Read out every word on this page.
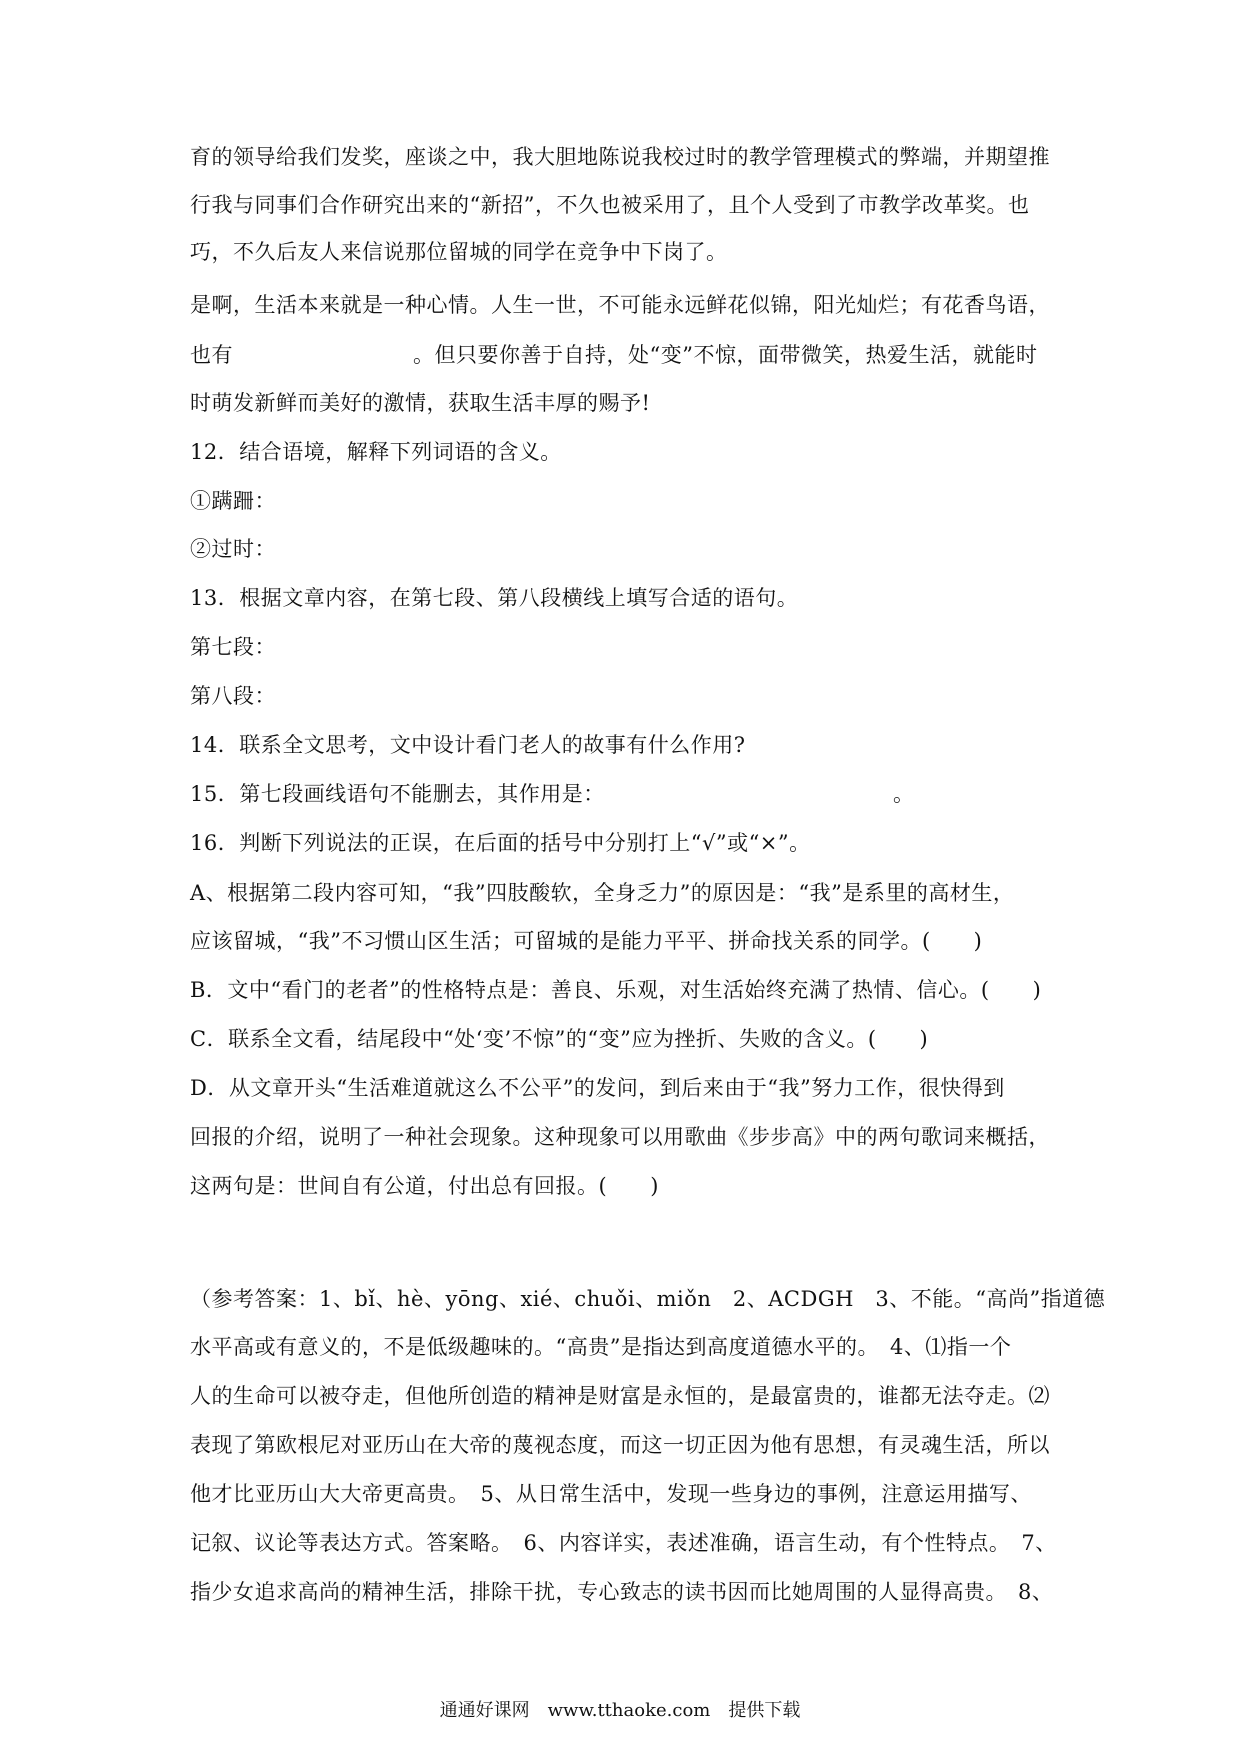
育的领导给我们发奖，座谈之中，我大胆地陈说我校过时的教学管理模式的弊端，并期望推
行我与同事们合作研究出来的“新招”，不久也被采用了，且个人受到了市教学改革奖。也
巧，不久后友人来信说那位留城的同学在竞争中下岗了。
是啊，生活本来就是一种心情。人生一世，不可能永远鲜花似锦，阳光灿烂；有花香鸟语，
也有	。但只要你善于自持，处“变”不惊，面带微笑，热爱生活，就能时
时萌发新鲜而美好的激情，获取生活丰厚的赐予!
12．结合语境，解释下列词语的含义。
①蹒跚：
②过时：
13．根据文章内容，在第七段、第八段横线上填写合适的语句。
第七段：
第八段：
14．联系全文思考，文中设计看门老人的故事有什么作用?
15．第七段画线语句不能删去，其作用是：	。
16．判断下列说法的正误，在后面的括号中分别打上“√”或“×”。
A、根据第二段内容可知，“我”四肢酸软，全身乏力”的原因是：“我”是系里的高材生，
应该留城，“我”不习惯山区生活；可留城的是能力平平、拼命找关系的同学。(　　)
B．文中“看门的老者”的性格特点是：善良、乐观，对生活始终充满了热情、信心。(　　)
C．联系全文看，结尾段中“处‘变’不惊”的“变”应为挫折、失败的含义。(　　)
D．从文章开头“生活难道就这么不公平”的发问，到后来由于“我”努力工作，很快得到
回报的介绍，说明了一种社会现象。这种现象可以用歌曲《步步高》中的两句歌词来概括，
这两句是：世间自有公道，付出总有回报。(　　)
（参考答案：1、bǐ、hè、yōng、xié、chuǒi、miǒn　2、ACDGH　3、不能。“高尚”指道德
水平高或有意义的，不是低级趣味的。“高贵”是指达到高度道德水平的。　4、⑴指一个
人的生命可以被夺走，但他所创造的精神是财富是永恒的，是最富贵的，谁都无法夺走。⑵
表现了第欧根尼对亚历山在大帝的蔑视态度，而这一切正因为他有思想，有灵魂生活，所以
他才比亚历山大大帝更高贵。　5、从日常生活中，发现一些身边的事例，注意运用描写、
记叙、议论等表达方式。答案略。　6、内容详实，表述准确，语言生动，有个性特点。　7、
指少女追求高尚的精神生活，排除干扰，专心致志的读书因而比她周围的人显得高贵。　8、
通通好课网　www.tthaoke.com　提供下载
